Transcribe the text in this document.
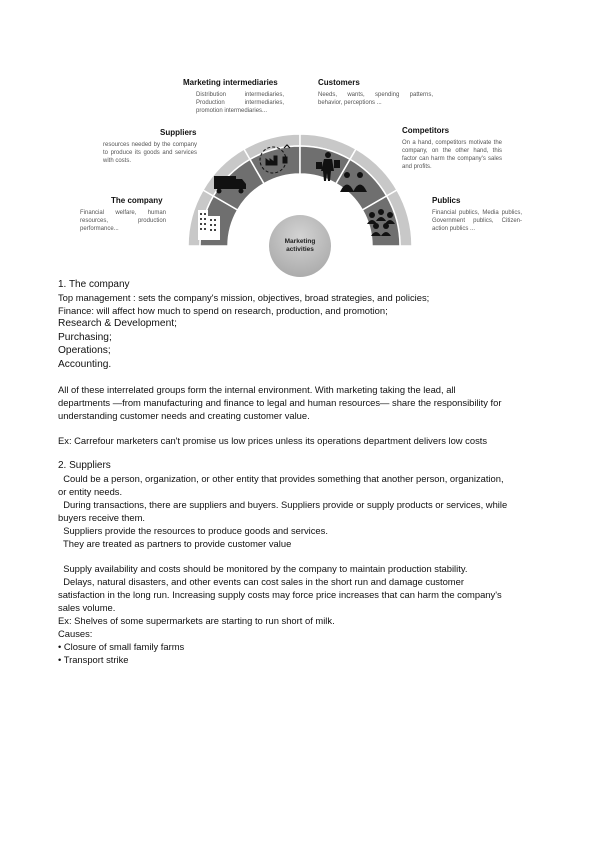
Marketing
activities
The company
Financial welfare, human resources, production performance...
Suppliers
resources needed by the company to produce its goods and services with costs.
Marketing intermediaries
Distribution intermediaries, Production intermediaries, promotion intermediaries...
Customers
Needs, wants, spending patterns, behavior, perceptions ...
Competitors
On a hand, competitors motivate the company, on the other hand, this factor can harm the company's sales and profits.
Publics
Financial publics, Media publics, Government publics, Citizen-action publics ...

1. The company

Top management : sets the company's mission, objectives, broad strategies, and policies;

Finance: will affect how much to spend on research, production, and promotion;

Research & Development;

Purchasing;

Operations;

Accounting.

All of these interrelated groups form the internal environment. With marketing taking the lead, all

departments —from manufacturing and finance to legal and human resources— share the responsibility for

understanding customer needs and creating customer value.

Ex: Carrefour marketers can't promise us low prices unless its operations department delivers low costs

2. Suppliers

Could be a person, organization, or other entity that provides something that another person, organization,

or entity needs.

During transactions, there are suppliers and buyers. Suppliers provide or supply products or services, while

buyers receive them.

Suppliers provide the resources to produce goods and services.

They are treated as partners to provide customer value

Supply availability and costs should be monitored by the company to maintain production stability.

Delays, natural disasters, and other events can cost sales in the short run and damage customer

satisfaction in the long run. Increasing supply costs may force price increases that can harm the company's

sales volume.

Ex: Shelves of some supermarkets are starting to run short of milk.

Causes:

• Closure of small family farms

• Transport strike
